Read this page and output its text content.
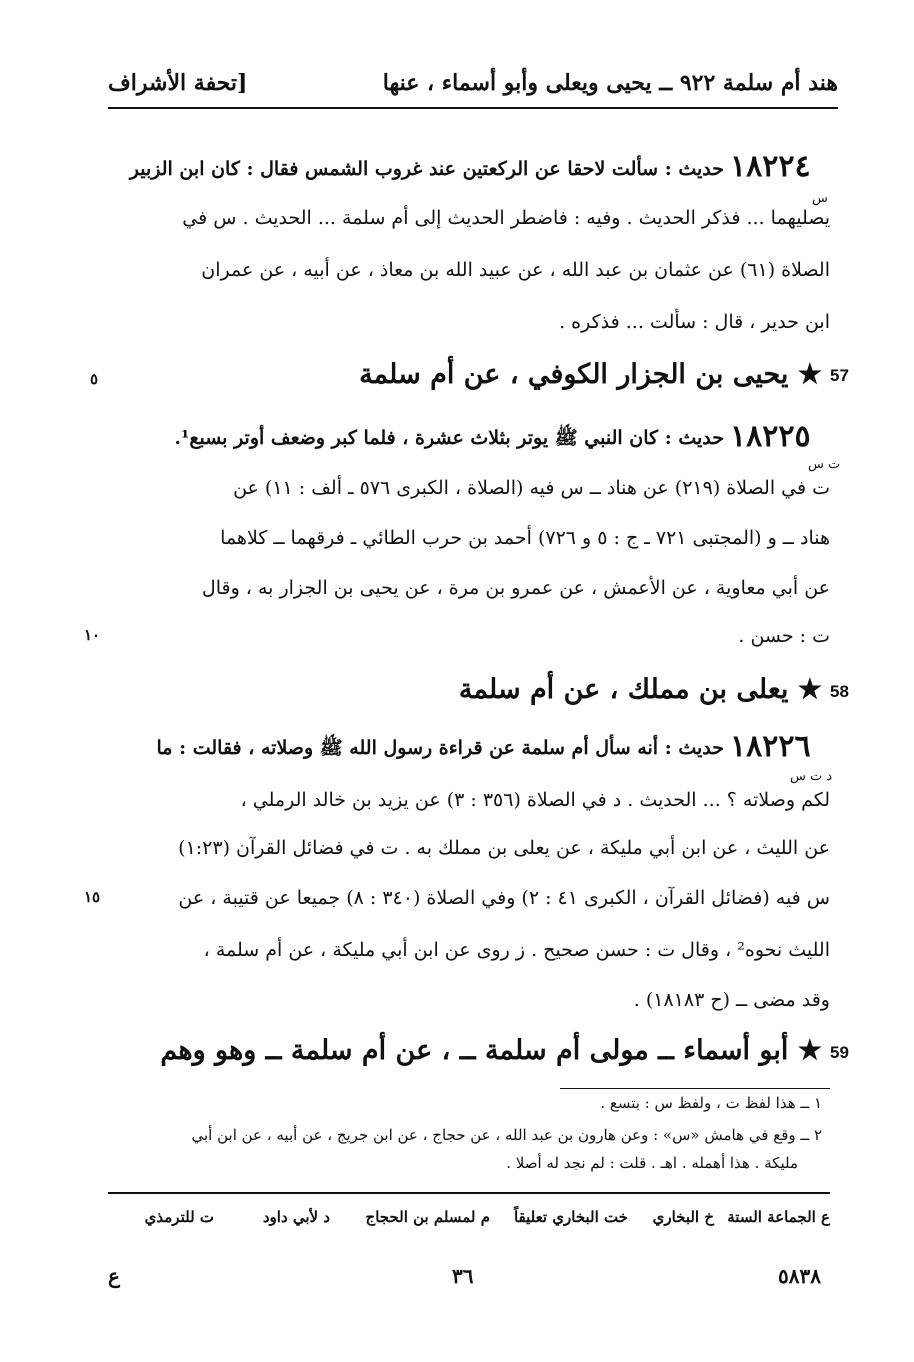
هند أم سلمة ٩٢٢ ــ يحيى ويعلى وأبو أسماء ، عنها
[تحفة الأشراف
١٨٢٢٤
س
حديث : سألت لاحقا عن الركعتين عند غروب الشمس فقال : كان ابن الزبير
يصليهما ... فذكر الحديث . وفيه : فاضطر الحديث إلى أم سلمة ... الحديث . س في
الصلاة (٦١) عن عثمان بن عبد الله ، عن عبيد الله بن معاذ ، عن أبيه ، عن عمران
ابن حدير ، قال : سألت ... فذكره .
57
★ يحيى بن الجزار الكوفي ، عن أم سلمة
٥
١٨٢٢٥
ت س
حديث : كان النبي ﷺ يوتر بثلاث عشرة ، فلما كبر وضعف أوتر بسبع¹.
ت في الصلاة (٢١٩) عن هناد ــ س فيه (الصلاة ، الكبرى ٥٧٦ ـ ألف : ١١) عن
هناد ــ و (المجتبى ٧٢١ ـ ج : ٥ و ٧٢٦) أحمد بن حرب الطائي ـ فرقهما ــ كلاهما
عن أبي معاوية ، عن الأعمش ، عن عمرو بن مرة ، عن يحيى بن الجزار به ، وقال
ت : حسن .
١٠
58
★ يعلى بن مملك ، عن أم سلمة
١٨٢٢٦
د ت س
حديث : أنه سأل أم سلمة عن قراءة رسول الله ﷺ وصلاته ، فقالت : ما
لكم وصلاته ؟ ... الحديث . د في الصلاة (٣٥٦ : ٣) عن يزيد بن خالد الرملي ،
عن الليث ، عن ابن أبي مليكة ، عن يعلى بن مملك به . ت في فضائل القرآن (١:٢٣)
س فيه (فضائل القرآن ، الكبرى ٤١ : ٢) وفي الصلاة (٣٤٠ : ٨) جميعا عن قتيبة ، عن
الليث نحوه² ، وقال ت : حسن صحيح . ز روى عن ابن أبي مليكة ، عن أم سلمة ،
وقد مضى ــ (ح ١٨١٨٣) .
١٥
59
★ أبو أسماء ــ مولى أم سلمة ــ ، عن أم سلمة ــ وهو وهم
١ ــ هذا لفظ ت ، ولفظ س : بتسع .
٢ ــ وقع في هامش «س» : وعن هارون بن عبد الله ، عن حجاج ، عن ابن جريج ، عن أبيه ، عن ابن أبي
مليكة . هذا أهمله . اهـ . قلت : لم نجد له أصلا .
ع الجماعة الستة
خ البخاري
خت البخاري تعليقاً
م لمسلم بن الحجاج
د لأبي داود
ت للترمذي
ع	٣٦	٥٨٣٨
